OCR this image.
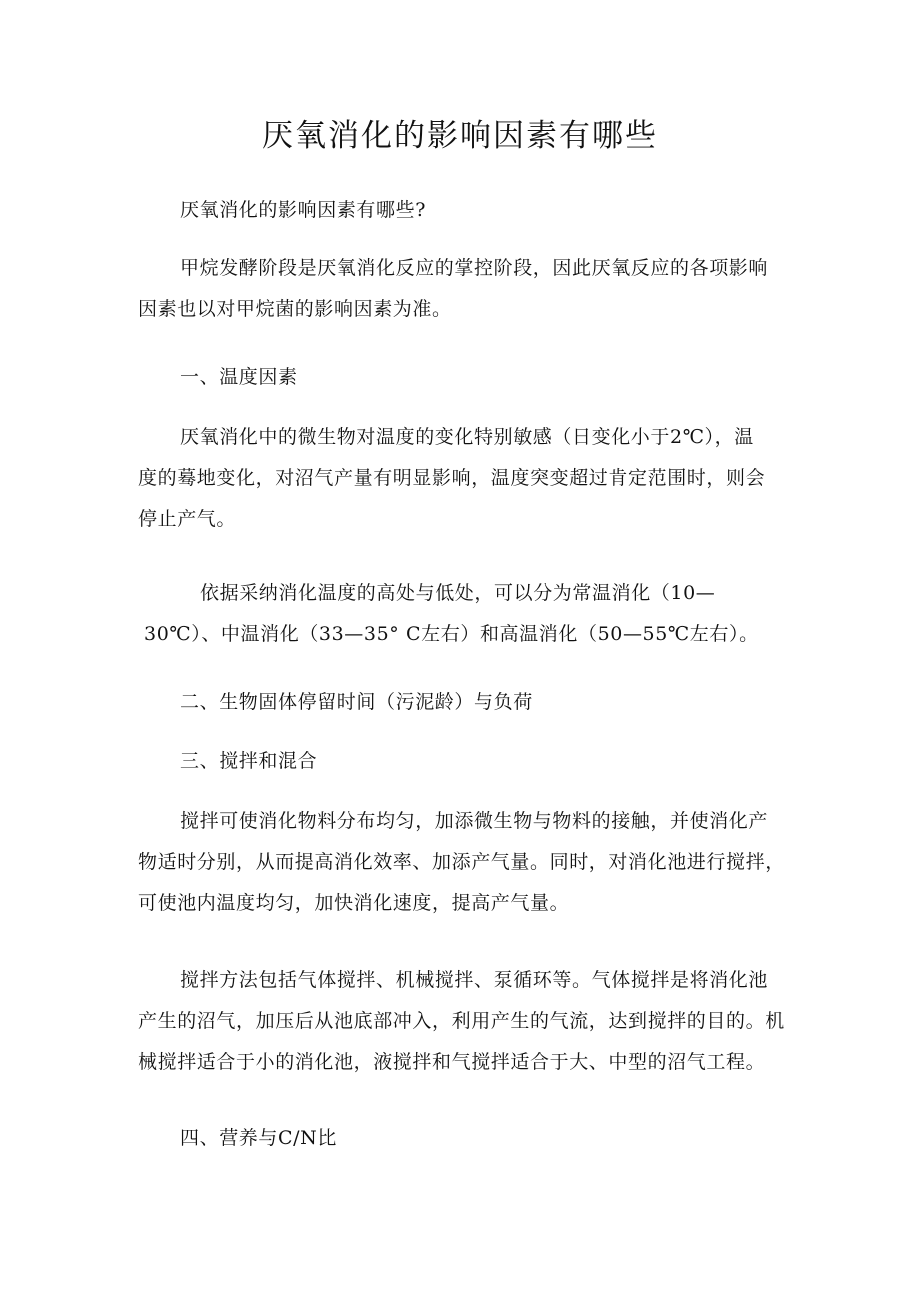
厌氧消化的影响因素有哪些

厌氧消化的影响因素有哪些?

甲烷发酵阶段是厌氧消化反应的掌控阶段，因此厌氧反应的各项影响
因素也以对甲烷菌的影响因素为准。

一、温度因素

厌氧消化中的微生物对温度的变化特别敏感（日变化小于2℃），温
度的蓦地变化，对沼气产量有明显影响，温度突变超过肯定范围时，则会
停止产气。

依据采纳消化温度的高处与低处，可以分为常温消化（10—
30℃）、中温消化（33—35° C左右）和高温消化（50—55℃左右）。

二、生物固体停留时间（污泥龄）与负荷

三、搅拌和混合

搅拌可使消化物料分布均匀，加添微生物与物料的接触，并使消化产
物适时分别，从而提高消化效率、加添产气量。同时，对消化池进行搅拌，
可使池内温度均匀，加快消化速度，提高产气量。

搅拌方法包括气体搅拌、机械搅拌、泵循环等。气体搅拌是将消化池
产生的沼气，加压后从池底部冲入，利用产生的气流，达到搅拌的目的。机
械搅拌适合于小的消化池，液搅拌和气搅拌适合于大、中型的沼气工程。

四、营养与C/N比
